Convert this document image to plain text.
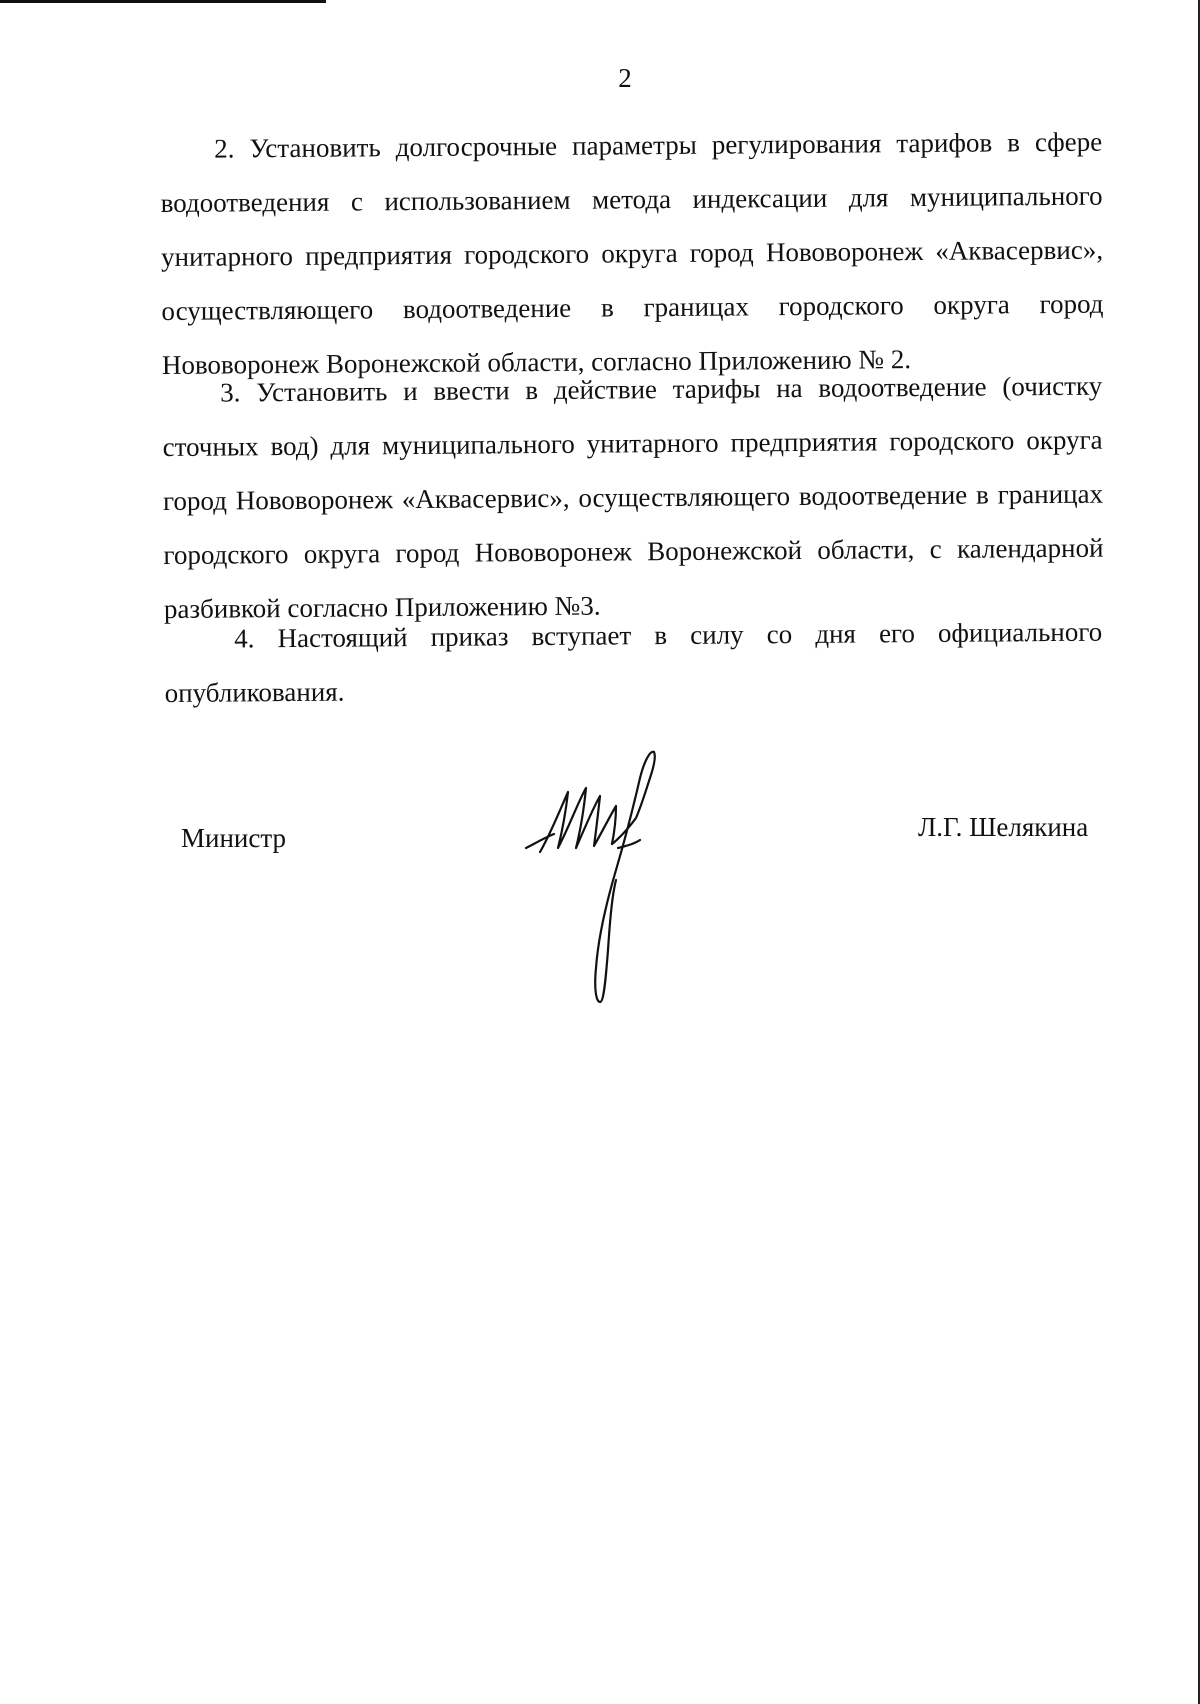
2

2. Установить долгосрочные параметры регулирования тарифов в сфере водоотведения с использованием метода индексации для муниципального унитарного предприятия городского округа город Нововоронеж «Аквасервис», осуществляющего водоотведение в границах городского округа город Нововоронеж Воронежской области, согласно Приложению № 2.

3. Установить и ввести в действие тарифы на водоотведение (очистку сточных вод) для муниципального унитарного предприятия городского округа город Нововоронеж «Аквасервис», осуществляющего водоотведение в границах городского округа город Нововоронеж Воронежской области, с календарной разбивкой согласно Приложению №3.

4. Настоящий приказ вступает в силу со дня его официального опубликования.

Министр	Л.Г. Шелякина
